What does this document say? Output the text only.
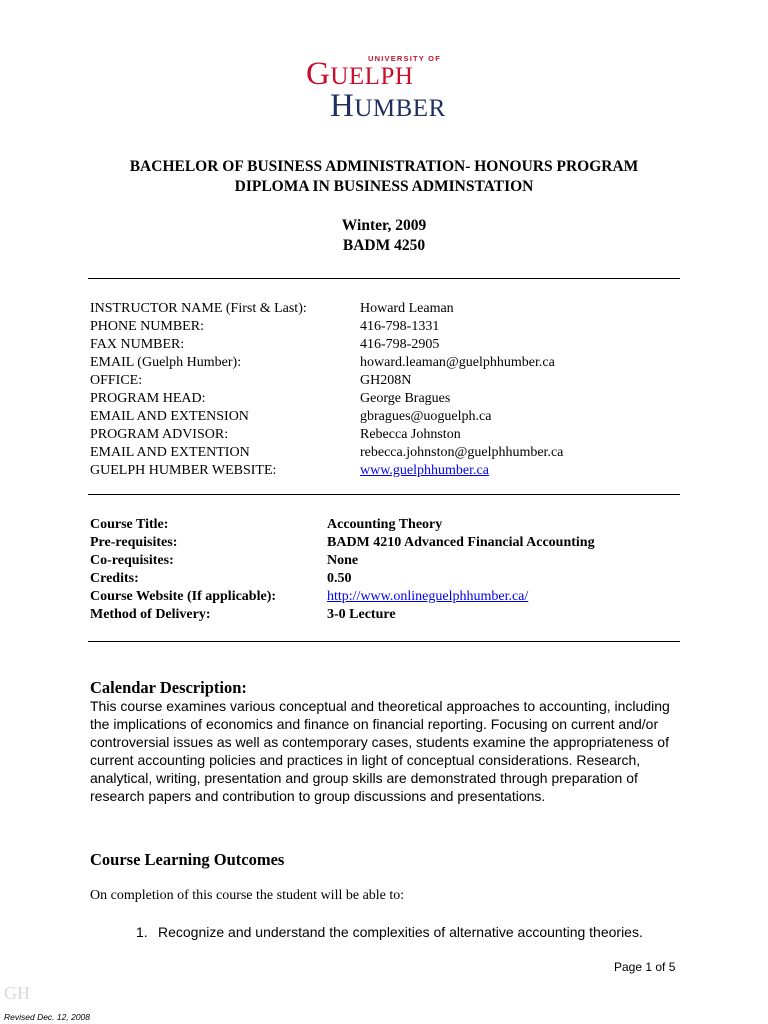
UNIVERSITY OF
GUELPH
HUMBER
BACHELOR OF BUSINESS ADMINISTRATION- HONOURS PROGRAM
DIPLOMA IN BUSINESS ADMINSTATION
Winter, 2009
BADM 4250
INSTRUCTOR NAME (First & Last):	Howard Leaman
PHONE NUMBER:	416-798-1331
FAX NUMBER:	416-798-2905
EMAIL (Guelph Humber):	howard.leaman@guelphhumber.ca
OFFICE:	GH208N
PROGRAM HEAD:	George Bragues
EMAIL AND EXTENSION	gbragues@uoguelph.ca
PROGRAM ADVISOR:	Rebecca Johnston
EMAIL AND EXTENTION	rebecca.johnston@guelphhumber.ca
GUELPH HUMBER WEBSITE:	www.guelphhumber.ca
Course Title:	Accounting Theory
Pre-requisites:	BADM 4210 Advanced Financial Accounting
Co-requisites:	None
Credits:	0.50
Course Website (If applicable):	http://www.onlineguelphhumber.ca/
Method of Delivery:	3-0 Lecture
Calendar Description:
This course examines various conceptual and theoretical approaches to accounting, including the implications of economics and finance on financial reporting. Focusing on current and/or controversial issues as well as contemporary cases, students examine the appropriateness of current accounting policies and practices in light of conceptual considerations. Research, analytical, writing, presentation and group skills are demonstrated through preparation of research papers and contribution to group discussions and presentations.
Course Learning Outcomes
On completion of this course the student will be able to:
1. Recognize and understand the complexities of alternative accounting theories.
Page 1 of 5
GH
Revised Dec. 12, 2008
